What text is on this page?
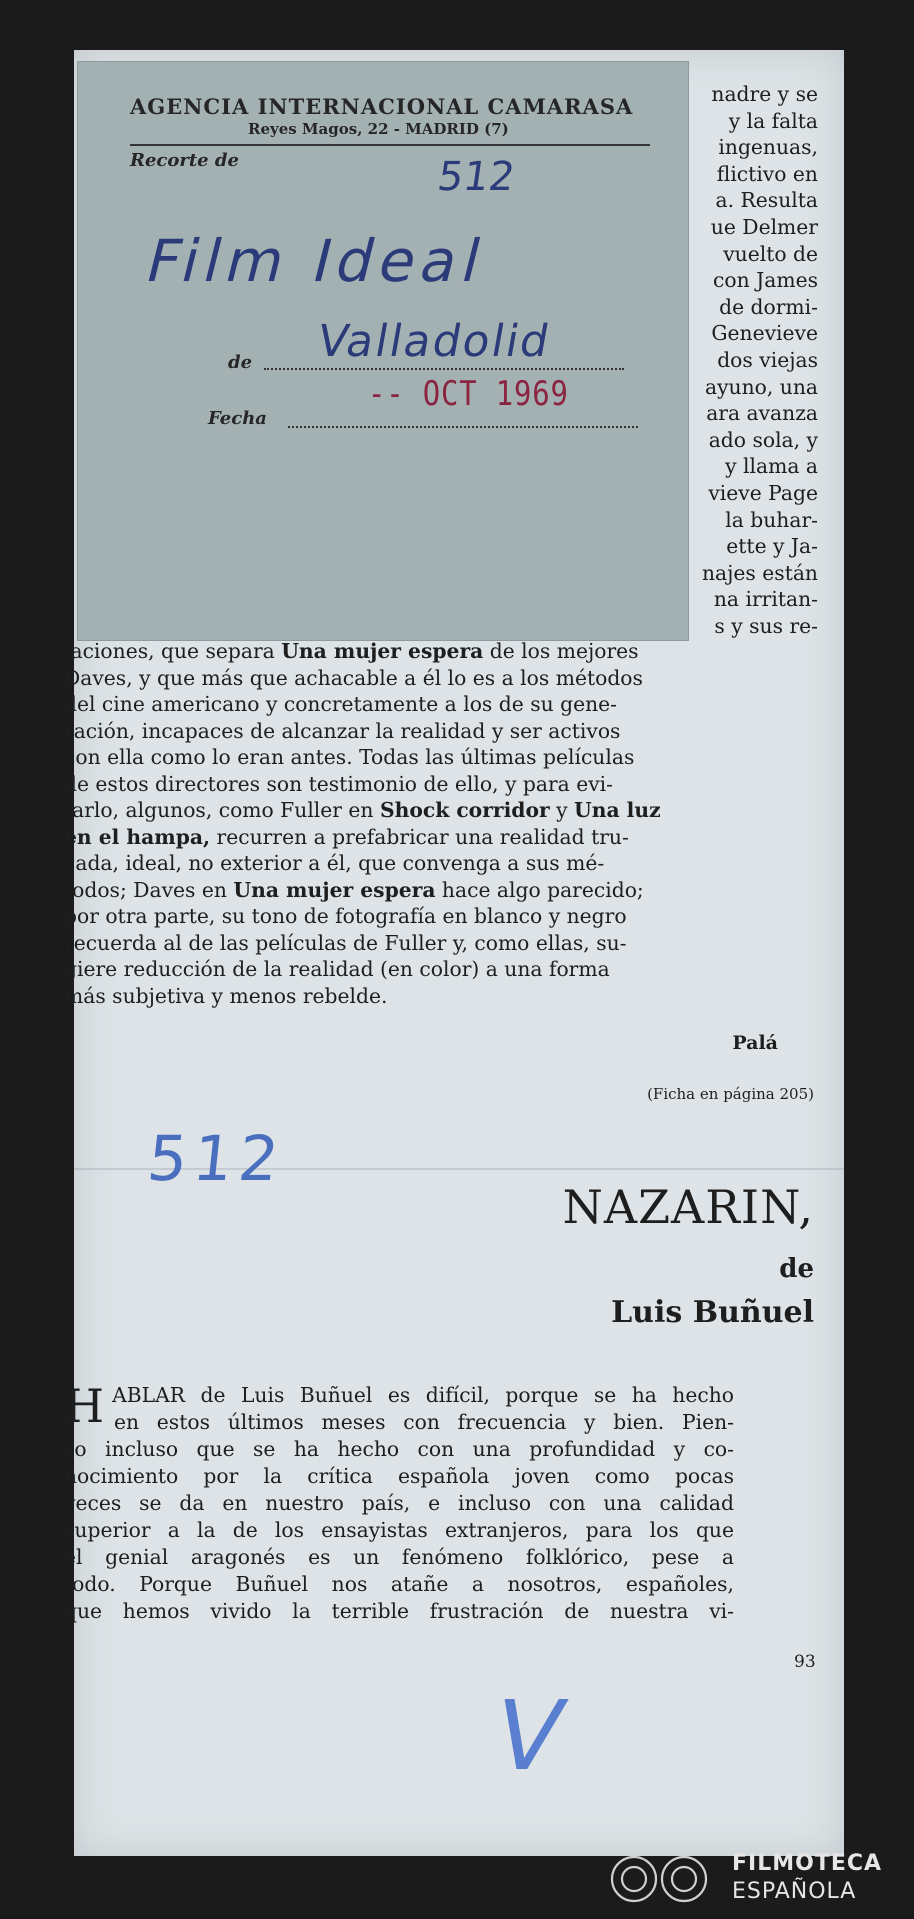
nadre y se
y la falta
ingenuas,
flictivo en
a. Resulta
ue Delmer
vuelto de
con James
de dormi-
Genevieve
dos viejas
ayuno, una
ara avanza
ado sola, y
y llama a
vieve Page
la buhar-
ette y Ja-
najes están
na irritan-
s y sus re-
AGENCIA INTERNACIONAL CAMARASA
Reyes Magos, 22 - MADRID (7)
Recorte de	512
Film Ideal
de Valladolid
Fecha
-- OCT 1969

laciones, que separa Una mujer espera de los mejores
Daves, y que más que achacable a él lo es a los métodos
del cine americano y concretamente a los de su gene-
ración, incapaces de alcanzar la realidad y ser activos
con ella como lo eran antes. Todas las últimas películas
de estos directores son testimonio de ello, y para evi-
tarlo, algunos, como Fuller en Shock corridor y Una luz
en el hampa, recurren a prefabricar una realidad tru-
cada, ideal, no exterior a él, que convenga a sus mé-
todos; Daves en Una mujer espera hace algo parecido;
por otra parte, su tono de fotografía en blanco y negro
recuerda al de las películas de Fuller y, como ellas, su-
giere reducción de la realidad (en color) a una forma
más subjetiva y menos rebelde.

Palá
(Ficha en página 205)
512
NAZARIN,
de
Luis Buñuel
H ABLAR de Luis Buñuel es difícil, porque se ha hecho
en estos últimos meses con frecuencia y bien. Pien-
so incluso que se ha hecho con una profundidad y co-
nocimiento por la crítica española joven como pocas
veces se da en nuestro país, e incluso con una calidad
superior a la de los ensayistas extranjeros, para los que
el genial aragonés es un fenómeno folklórico, pese a
todo. Porque Buñuel nos atañe a nosotros, españoles,
que hemos vivido la terrible frustración de nuestra vi-
93
V
FILMOTECA
ESPAÑOLA
